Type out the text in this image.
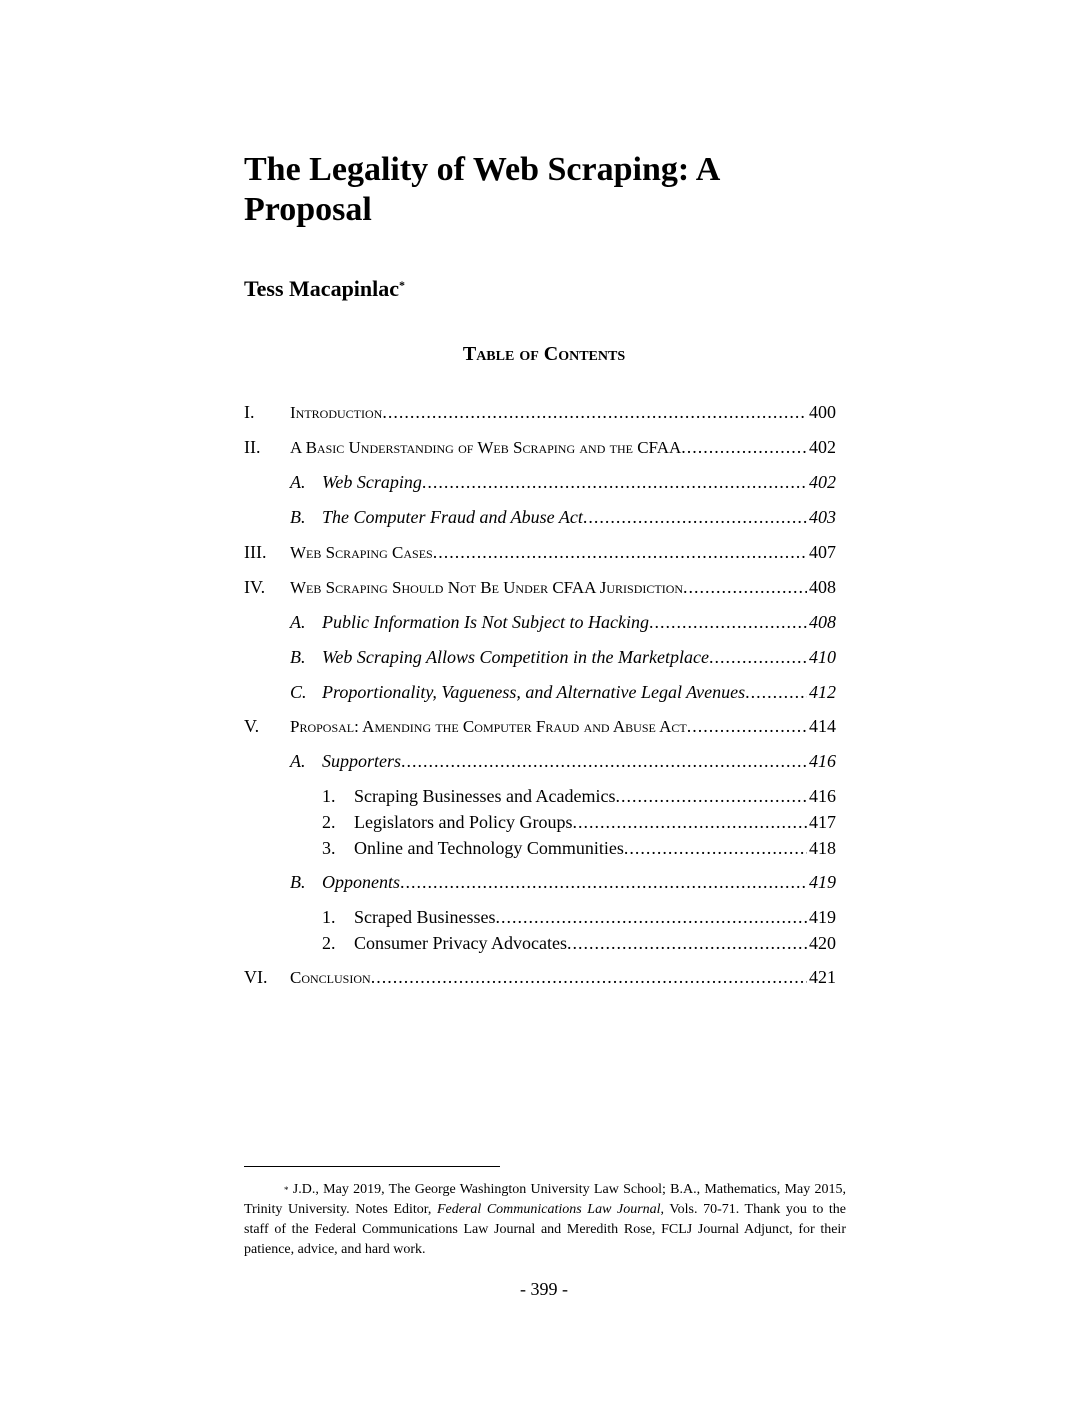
The Legality of Web Scraping: A Proposal

Tess Macapinlac*

Table of Contents
I. Introduction .....	400
II. A Basic Understanding of Web Scraping and the CFAA .....	402
A. Web Scraping .....	402
B. The Computer Fraud and Abuse Act .....	403
III. Web Scraping Cases .....	407
IV. Web Scraping Should Not Be Under CFAA Jurisdiction .....	408
A. Public Information Is Not Subject to Hacking .....	408
B. Web Scraping Allows Competition in the Marketplace .....	410
C. Proportionality, Vagueness, and Alternative Legal Avenues .....	412
V. Proposal: Amending the Computer Fraud and Abuse Act .....	414
A. Supporters .....	416
1. Scraping Businesses and Academics .....	416
2. Legislators and Policy Groups .....	417
3. Online and Technology Communities .....	418
B. Opponents .....	419
1. Scraped Businesses .....	419
2. Consumer Privacy Advocates .....	420
VI. Conclusion .....	421

* J.D., May 2019, The George Washington University Law School; B.A., Mathematics, May 2015, Trinity University. Notes Editor, Federal Communications Law Journal, Vols. 70-71. Thank you to the staff of the Federal Communications Law Journal and Meredith Rose, FCLJ Journal Adjunct, for their patience, advice, and hard work.

- 399 -
